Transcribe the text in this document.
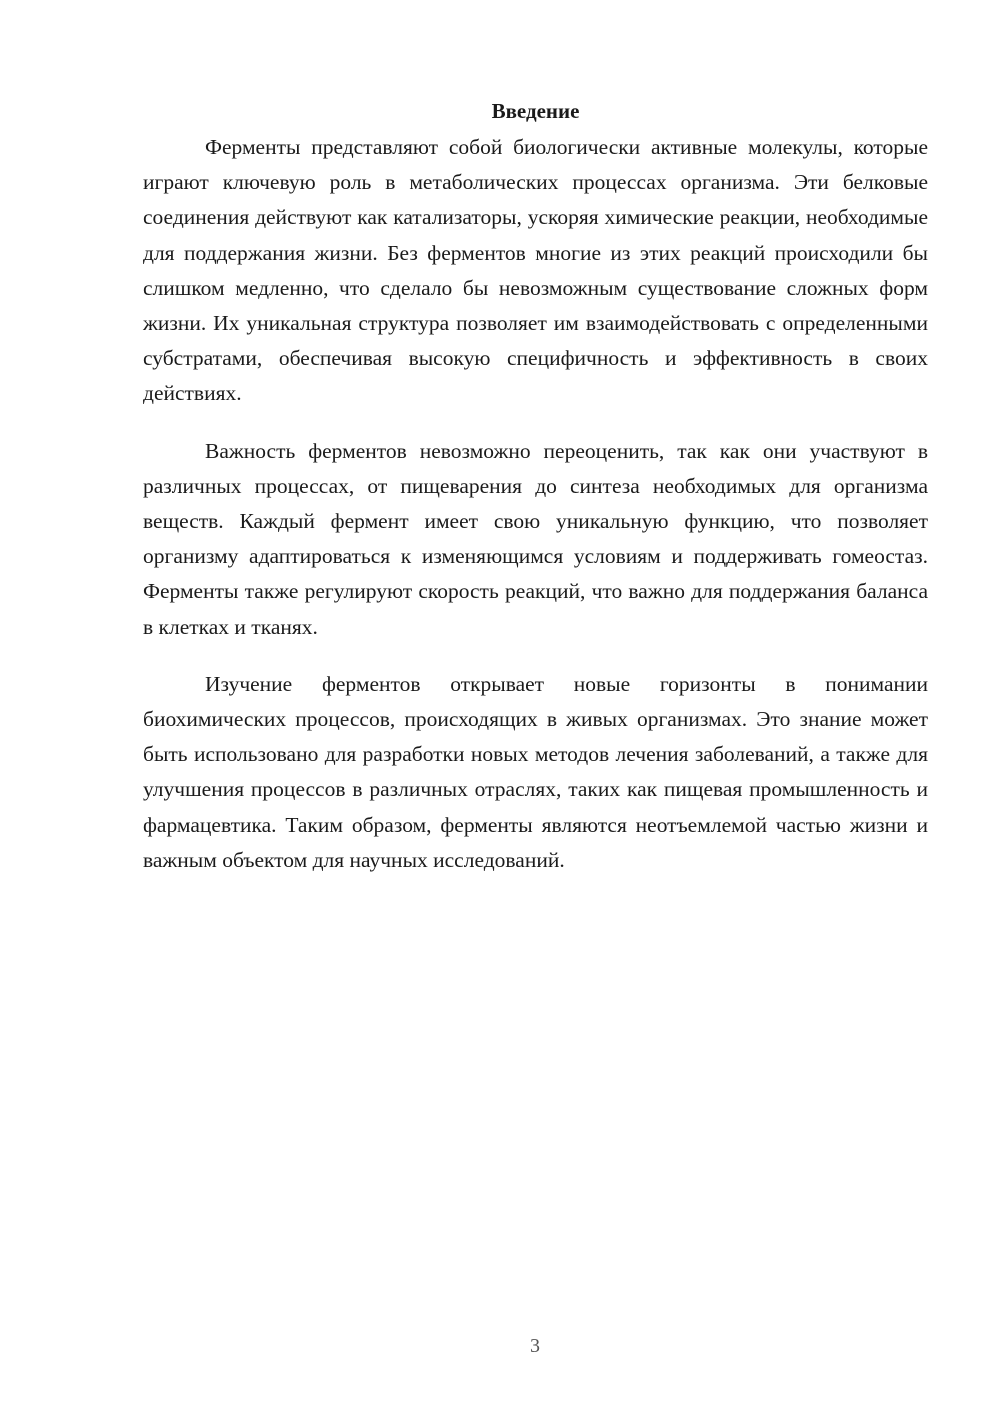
Введение

Ферменты представляют собой биологически активные молекулы, которые играют ключевую роль в метаболических процессах организма. Эти белковые соединения действуют как катализаторы, ускоряя химические реакции, необходимые для поддержания жизни. Без ферментов многие из этих реакций происходили бы слишком медленно, что сделало бы невозможным существование сложных форм жизни. Их уникальная структура позволяет им взаимодействовать с определенными субстратами, обеспечивая высокую специфичность и эффективность в своих действиях.

Важность ферментов невозможно переоценить, так как они участвуют в различных процессах, от пищеварения до синтеза необходимых для организма веществ. Каждый фермент имеет свою уникальную функцию, что позволяет организму адаптироваться к изменяющимся условиям и поддерживать гомеостаз. Ферменты также регулируют скорость реакций, что важно для поддержания баланса в клетках и тканях.

Изучение ферментов открывает новые горизонты в понимании биохимических процессов, происходящих в живых организмах. Это знание может быть использовано для разработки новых методов лечения заболеваний, а также для улучшения процессов в различных отраслях, таких как пищевая промышленность и фармацевтика. Таким образом, ферменты являются неотъемлемой частью жизни и важным объектом для научных исследований.

3
